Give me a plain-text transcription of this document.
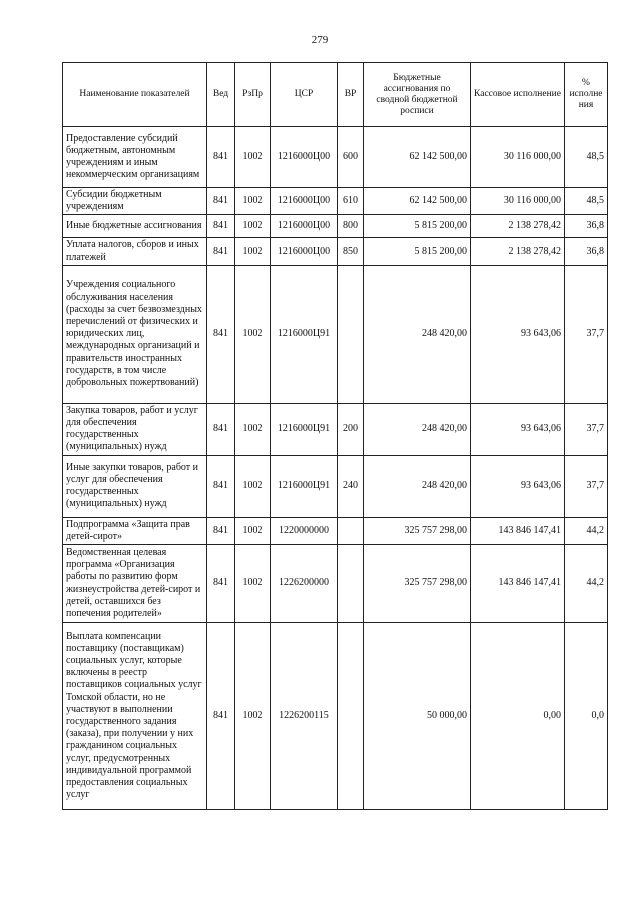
279
Наименование показателей	Вед	РзПр	ЦСР	ВР	Бюджетные ассигнования по сводной бюджетной росписи	Кассовое исполнение	% исполне ния
Предоставление субсидий бюджетным, автономным учреждениям и иным некоммерческим организациям	841	1002	1216000Ц00	600	62 142 500,00	30 116 000,00	48,5
Субсидии бюджетным учреждениям	841	1002	1216000Ц00	610	62 142 500,00	30 116 000,00	48,5
Иные бюджетные ассигнования	841	1002	1216000Ц00	800	5 815 200,00	2 138 278,42	36,8
Уплата налогов, сборов и иных платежей	841	1002	1216000Ц00	850	5 815 200,00	2 138 278,42	36,8
Учреждения социального обслуживания населения (расходы за счет безвозмездных перечислений от физических и юридических лиц, международных организаций и правительств иностранных государств, в том числе добровольных пожертвований)	841	1002	1216000Ц91		248 420,00	93 643,06	37,7
Закупка товаров, работ и услуг для обеспечения государственных (муниципальных) нужд	841	1002	1216000Ц91	200	248 420,00	93 643,06	37,7
Иные закупки товаров, работ и услуг для обеспечения государственных (муниципальных) нужд	841	1002	1216000Ц91	240	248 420,00	93 643,06	37,7
Подпрограмма «Защита прав детей-сирот»	841	1002	1220000000		325 757 298,00	143 846 147,41	44,2
Ведомственная целевая программа «Организация работы по развитию форм жизнеустройства детей-сирот и детей, оставшихся без попечения родителей»	841	1002	1226200000		325 757 298,00	143 846 147,41	44,2
Выплата компенсации поставщику (поставщикам) социальных услуг, которые включены в реестр поставщиков социальных услуг Томской области, но не участвуют в выполнении государственного задания (заказа), при получении у них гражданином социальных услуг, предусмотренных индивидуальной программой предоставления социальных услуг	841	1002	1226200115		50 000,00	0,00	0,0
